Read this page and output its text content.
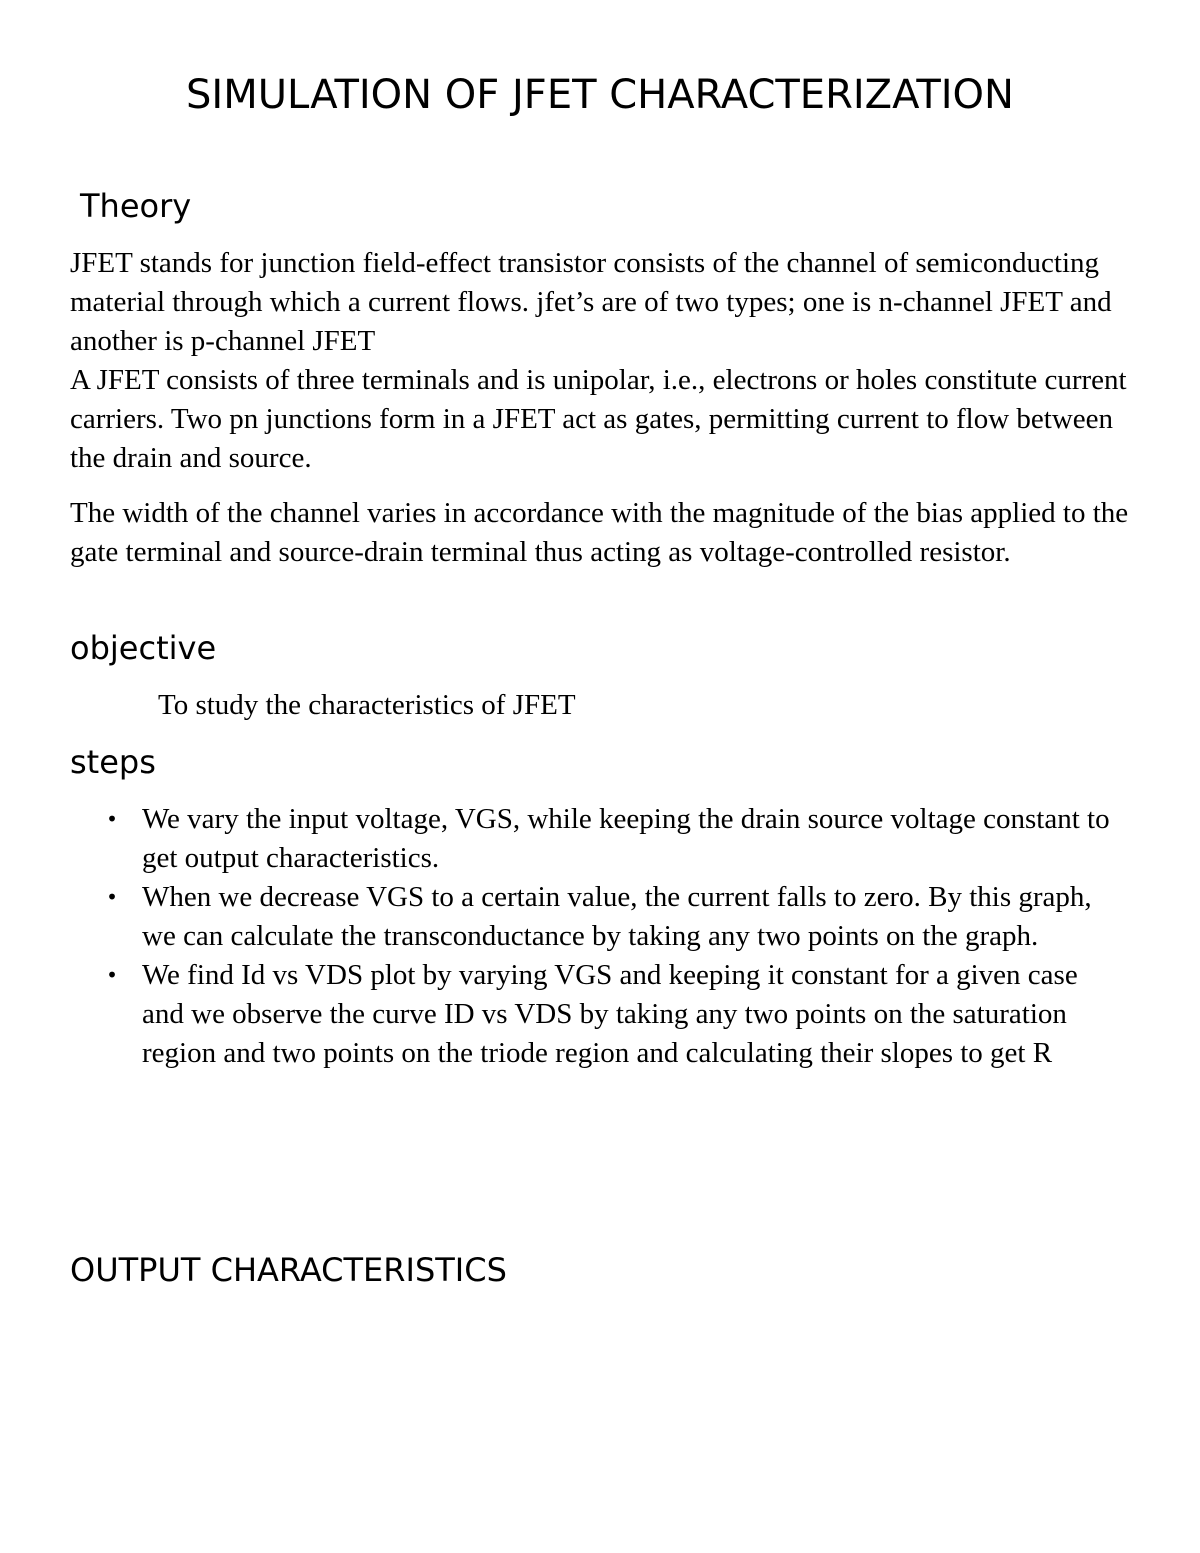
SIMULATION OF JFET CHARACTERIZATION
Theory

JFET stands for junction field-effect transistor consists of the channel of semiconducting material through which a current flows. jfet’s are of two types; one is n-channel JFET and another is p-channel JFET

A JFET consists of three terminals and is unipolar, i.e., electrons or holes constitute current carriers. Two pn junctions form in a JFET act as gates, permitting current to flow between the drain and source.

The width of the channel varies in accordance with the magnitude of the bias applied to the gate terminal and source-drain terminal thus acting as voltage-controlled resistor.

objective

To study the characteristics of JFET

steps
• We vary the input voltage, VGS, while keeping the drain source voltage constant to get output characteristics.
• When we decrease VGS to a certain value, the current falls to zero. By this graph, we can calculate the transconductance by taking any two points on the graph.
• We find Id vs VDS plot by varying VGS and keeping it constant for a given case and we observe the curve ID vs VDS by taking any two points on the saturation region and two points on the triode region and calculating their slopes to get R
OUTPUT CHARACTERISTICS
